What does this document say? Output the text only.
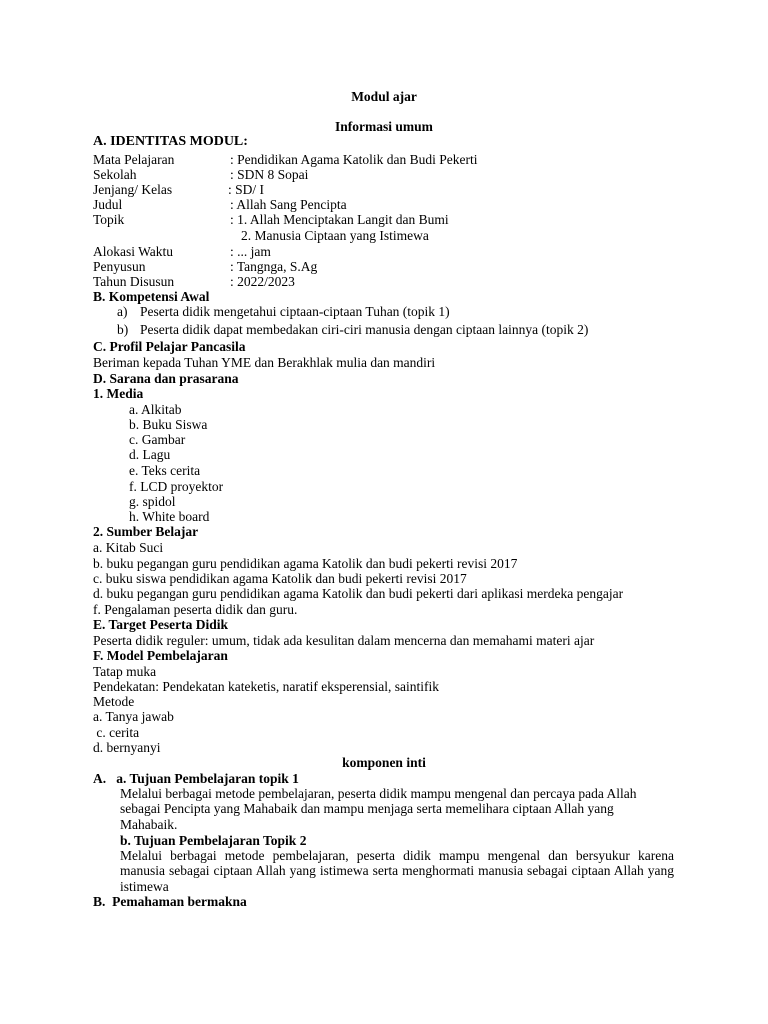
Modul ajar
Informasi umum
A. IDENTITAS MODUL:
Mata Pelajaran	: Pendidikan Agama Katolik dan Budi Pekerti
Sekolah	: SDN 8 Sopai
Jenjang/ Kelas	: SD/ I
Judul	: Allah Sang Pencipta
Topik	: 1. Allah Menciptakan Langit dan Bumi
2. Manusia Ciptaan yang Istimewa
Alokasi Waktu	: ... jam
Penyusun	: Tangnga, S.Ag
Tahun Disusun	: 2022/2023
B. Kompetensi Awal
a) Peserta didik mengetahui ciptaan-ciptaan Tuhan (topik 1)
b) Peserta didik dapat membedakan ciri-ciri manusia dengan ciptaan lainnya (topik 2)
C. Profil Pelajar Pancasila
Beriman kepada Tuhan YME dan Berakhlak mulia dan mandiri
D. Sarana dan prasarana
1. Media
a. Alkitab
b. Buku Siswa
c. Gambar
d. Lagu
e. Teks cerita
f. LCD proyektor
g. spidol
h. White board
2. Sumber Belajar
a. Kitab Suci
b. buku pegangan guru pendidikan agama Katolik dan budi pekerti revisi 2017
c. buku siswa pendidikan agama Katolik dan budi pekerti revisi 2017
d. buku pegangan guru pendidikan agama Katolik dan budi pekerti dari aplikasi merdeka pengajar
f. Pengalaman peserta didik dan guru.
E. Target Peserta Didik
Peserta didik reguler: umum, tidak ada kesulitan dalam mencerna dan memahami materi ajar
F. Model Pembelajaran
Tatap muka
Pendekatan: Pendekatan kateketis, naratif eksperensial, saintifik
Metode
a. Tanya jawab
c. cerita
d. bernyanyi
komponen inti
A.   a. Tujuan Pembelajaran topik 1
Melalui berbagai metode pembelajaran, peserta didik mampu mengenal dan percaya pada Allah sebagai Pencipta yang Mahabaik dan mampu menjaga serta memelihara ciptaan Allah yang Mahabaik.
b. Tujuan Pembelajaran Topik 2
Melalui berbagai metode pembelajaran, peserta didik mampu mengenal dan bersyukur karena manusia sebagai ciptaan Allah yang istimewa serta menghormati manusia sebagai ciptaan Allah yang istimewa
B.  Pemahaman bermakna
